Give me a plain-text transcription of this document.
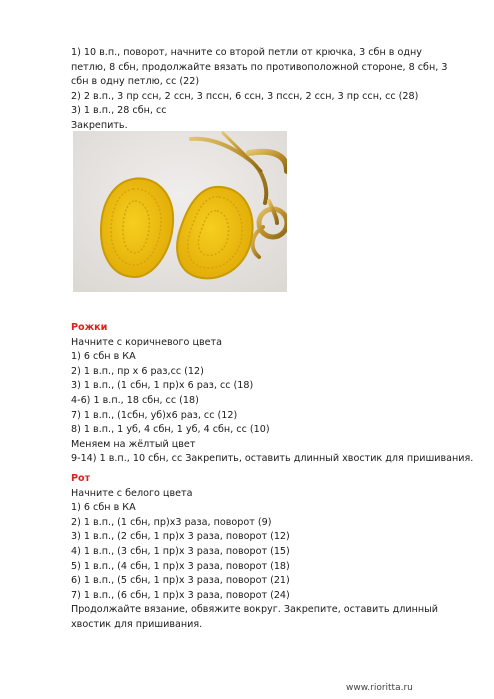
1) 10 в.п., поворот, начните со второй петли от крючка, 3 сбн в одну петлю, 8 сбн, продолжайте вязать по противоположной стороне, 8 сбн, 3 сбн в одну петлю, сс (22)
2) 2 в.п., 3 пр ссн, 2 ссн, 3 пссн, 6 ссн, 3 пссн, 2 ссн, 3 пр ссн, сс (28)
3) 1 в.п., 28 сбн, сс
Закрепить.
Рожки
Начните с коричневого цвета
1) 6 сбн в КА
2) 1 в.п., пр х 6 раз,сс (12)
3) 1 в.п., (1 сбн, 1 пр)х 6 раз, сс (18)
4-6) 1 в.п., 18 сбн, сс (18)
7) 1 в.п., (1сбн, уб)х6 раз, сс (12)
8) 1 в.п., 1 уб, 4 сбн, 1 уб, 4 сбн, сс (10)
Меняем на жёлтый цвет
9-14) 1 в.п., 10 сбн, сс Закрепить, оставить длинный хвостик для пришивания.
Рот
Начните с белого цвета
1) 6 сбн в КА
2) 1 в.п., (1 сбн, пр)х3 раза, поворот (9)
3) 1 в.п., (2 сбн, 1 пр)х 3 раза, поворот (12)
4) 1 в.п., (3 сбн, 1 пр)х 3 раза, поворот (15)
5) 1 в.п., (4 сбн, 1 пр)х 3 раза, поворот (18)
6) 1 в.п., (5 сбн, 1 пр)х 3 раза, поворот (21)
7) 1 в.п., (6 сбн, 1 пр)х 3 раза, поворот (24)
Продолжайте вязание, обвяжите вокруг. Закрепите, оставить длинный хвостик для пришивания.
www.rioritta.ru
